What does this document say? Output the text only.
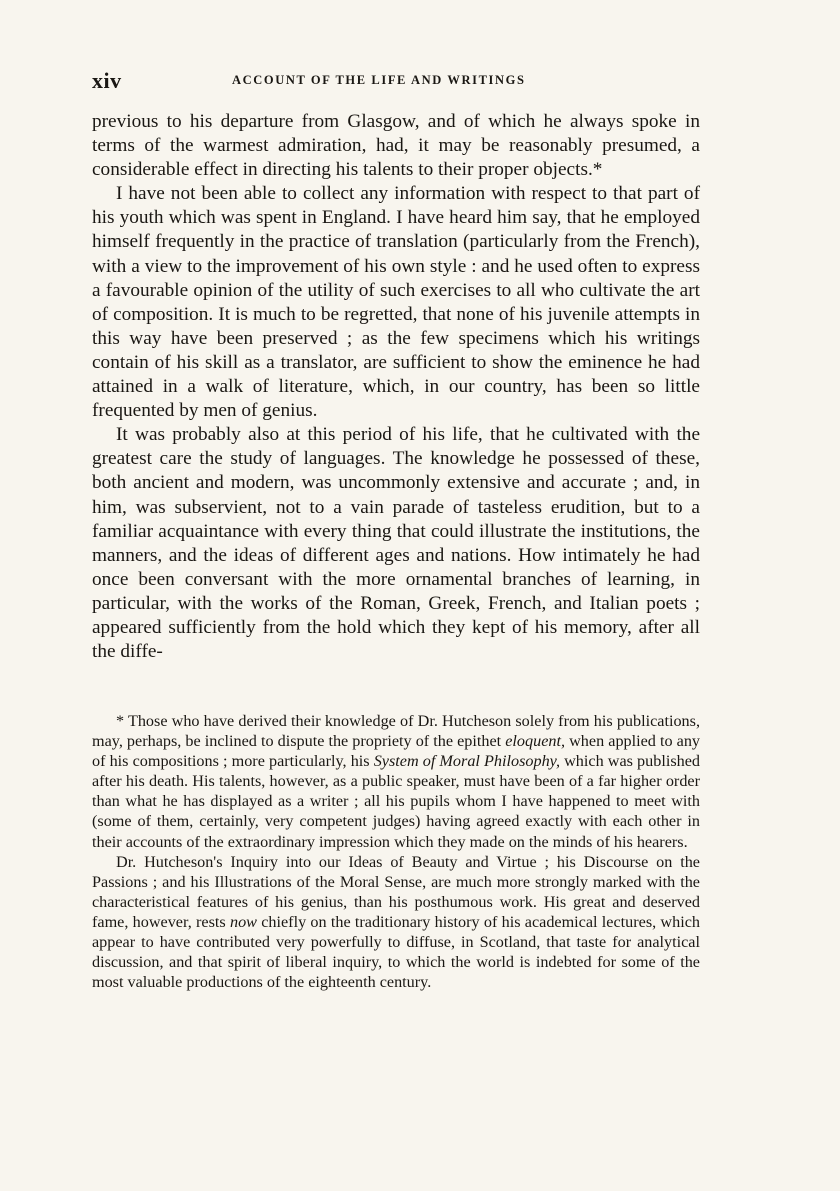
xiv	ACCOUNT OF THE LIFE AND WRITINGS

previous to his departure from Glasgow, and of which he always spoke in terms of the warmest admiration, had, it may be reasonably presumed, a considerable effect in directing his talents to their proper objects.*

I have not been able to collect any information with respect to that part of his youth which was spent in England. I have heard him say, that he employed himself frequently in the practice of translation (particularly from the French), with a view to the improvement of his own style : and he used often to express a favourable opinion of the utility of such exercises to all who cultivate the art of composition. It is much to be regretted, that none of his juvenile attempts in this way have been preserved ; as the few specimens which his writings contain of his skill as a translator, are sufficient to show the eminence he had attained in a walk of literature, which, in our country, has been so little frequented by men of genius.

It was probably also at this period of his life, that he cultivated with the greatest care the study of languages. The knowledge he possessed of these, both ancient and modern, was uncommonly extensive and accurate ; and, in him, was subservient, not to a vain parade of tasteless erudition, but to a familiar acquaintance with every thing that could illustrate the institutions, the manners, and the ideas of different ages and nations. How intimately he had once been conversant with the more ornamental branches of learning, in particular, with the works of the Roman, Greek, French, and Italian poets ; appeared sufficiently from the hold which they kept of his memory, after all the diffe-

* Those who have derived their knowledge of Dr. Hutcheson solely from his publications, may, perhaps, be inclined to dispute the propriety of the epithet eloquent, when applied to any of his compositions ; more particularly, his System of Moral Philosophy, which was published after his death. His talents, however, as a public speaker, must have been of a far higher order than what he has displayed as a writer ; all his pupils whom I have happened to meet with (some of them, certainly, very competent judges) having agreed exactly with each other in their accounts of the extraordinary impression which they made on the minds of his hearers.

Dr. Hutcheson's Inquiry into our Ideas of Beauty and Virtue ; his Discourse on the Passions ; and his Illustrations of the Moral Sense, are much more strongly marked with the characteristical features of his genius, than his posthumous work. His great and deserved fame, however, rests now chiefly on the traditionary history of his academical lectures, which appear to have contributed very powerfully to diffuse, in Scotland, that taste for analytical discussion, and that spirit of liberal inquiry, to which the world is indebted for some of the most valuable productions of the eighteenth century.
